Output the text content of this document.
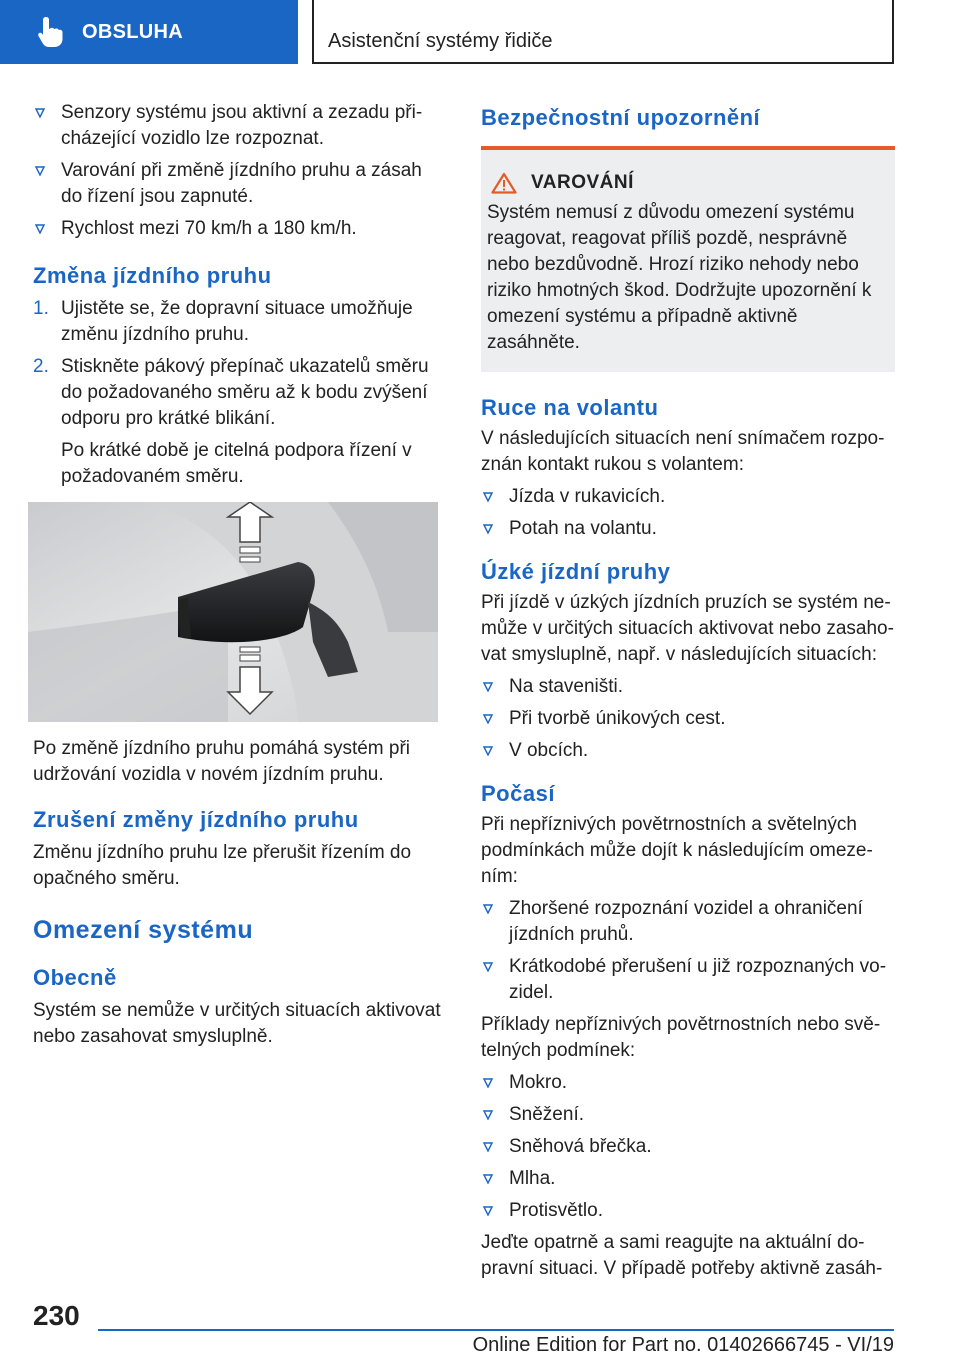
OBSLUHA	Asistenční systémy řidiče
Senzory systému jsou aktivní a zezadu přicházející vozidlo lze rozpoznat.
Varování při změně jízdního pruhu a zásah do řízení jsou zapnuté.
Rychlost mezi 70 km/h a 180 km/h.
Změna jízdního pruhu
1. Ujistěte se, že dopravní situace umožňuje změnu jízdního pruhu.
2. Stiskněte pákový přepínač ukazatelů směru do požadovaného směru až k bodu zvýšení odporu pro krátké blikání.
Po krátké době je citelná podpora řízení v požadovaném směru.

Po změně jízdního pruhu pomáhá systém při udržování vozidla v novém jízdním pruhu.

Zrušení změny jízdního pruhu

Změnu jízdního pruhu lze přerušit řízením do opačného směru.

Omezení systému
Obecně

Systém se nemůže v určitých situacích aktivovat nebo zasahovat smysluplně.

Bezpečnostní upozornění
VAROVÁNÍ

Systém nemusí z důvodu omezení systému reagovat, reagovat příliš pozdě, nesprávně nebo bezdůvodně. Hrozí riziko nehody nebo riziko hmotných škod. Dodržujte upozornění k omezení systému a případně aktivně zasáhněte.

Ruce na volantu

V následujících situacích není snímačem rozpoznán kontakt rukou s volantem:

Jízda v rukavicích.
Potah na volantu.
Úzké jízdní pruhy

Při jízdě v úzkých jízdních pruzích se systém nemůže v určitých situacích aktivovat nebo zasahovat smysluplně, např. v následujících situacích:

Na staveništi.
Při tvorbě únikových cest.
V obcích.
Počasí

Při nepříznivých povětrnostních a světelných podmínkách může dojít k následujícím omezením:

Zhoršené rozpoznání vozidel a ohraničení jízdních pruhů.
Krátkodobé přerušení u již rozpoznaných vozidel.

Příklady nepříznivých povětrnostních nebo světelných podmínek:

Mokro.
Sněžení.
Sněhová břečka.
Mlha.
Protisvětlo.

Jeďte opatrně a sami reagujte na aktuální dopravní situaci. V případě potřeby aktivně zasáh-

230
Online Edition for Part no. 01402666745 - VI/19
